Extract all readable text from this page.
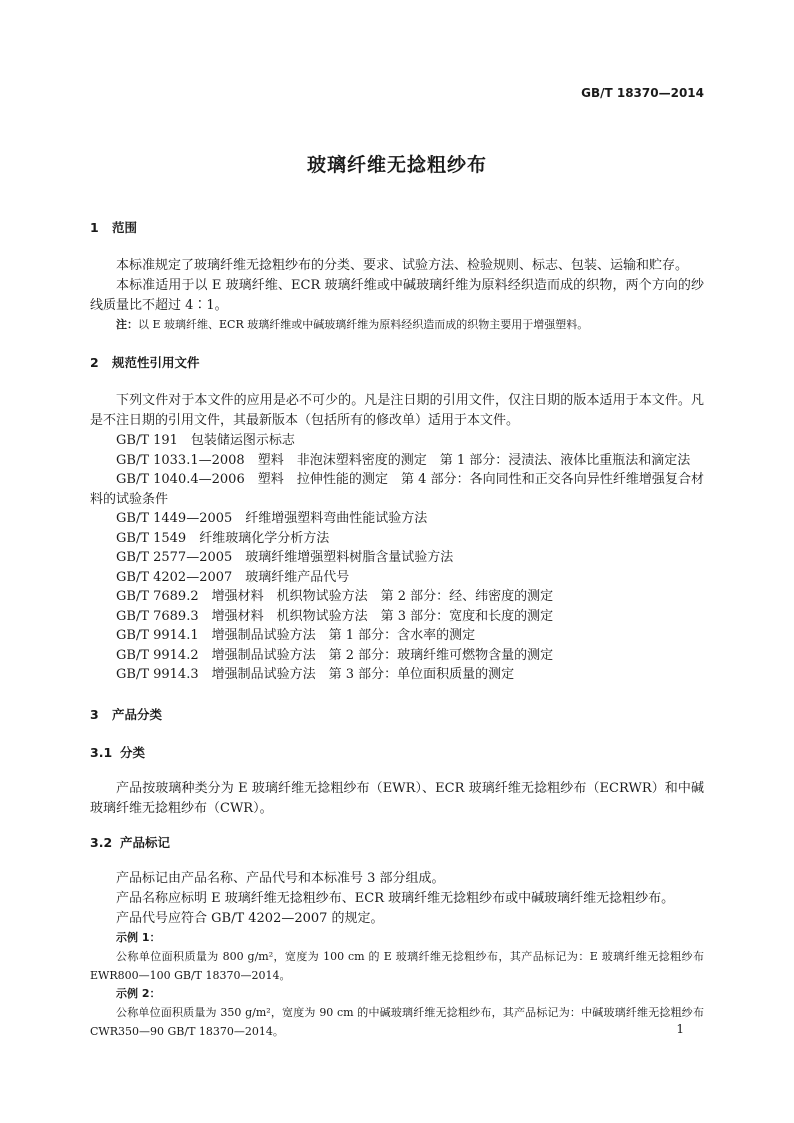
GB/T 18370—2014
玻璃纤维无捻粗纱布
1 范围

本标准规定了玻璃纤维无捻粗纱布的分类、要求、试验方法、检验规则、标志、包装、运输和贮存。

本标准适用于以 E 玻璃纤维、ECR 玻璃纤维或中碱玻璃纤维为原料经织造而成的织物，两个方向的纱线质量比不超过 4∶1。

注：以 E 玻璃纤维、ECR 玻璃纤维或中碱玻璃纤维为原料经织造而成的织物主要用于增强塑料。

2 规范性引用文件

下列文件对于本文件的应用是必不可少的。凡是注日期的引用文件，仅注日期的版本适用于本文件。凡是不注日期的引用文件，其最新版本（包括所有的修改单）适用于本文件。

GB/T 191　包装储运图示标志

GB/T 1033.1—2008　塑料　非泡沫塑料密度的测定　第 1 部分：浸渍法、液体比重瓶法和滴定法

GB/T 1040.4—2006　塑料　拉伸性能的测定　第 4 部分：各向同性和正交各向异性纤维增强复合材料的试验条件

GB/T 1449—2005　纤维增强塑料弯曲性能试验方法

GB/T 1549　纤维玻璃化学分析方法

GB/T 2577—2005　玻璃纤维增强塑料树脂含量试验方法

GB/T 4202—2007　玻璃纤维产品代号

GB/T 7689.2　增强材料　机织物试验方法　第 2 部分：经、纬密度的测定

GB/T 7689.3　增强材料　机织物试验方法　第 3 部分：宽度和长度的测定

GB/T 9914.1　增强制品试验方法　第 1 部分：含水率的测定

GB/T 9914.2　增强制品试验方法　第 2 部分：玻璃纤维可燃物含量的测定

GB/T 9914.3　增强制品试验方法　第 3 部分：单位面积质量的测定

3 产品分类
3.1 分类

产品按玻璃种类分为 E 玻璃纤维无捻粗纱布（EWR）、ECR 玻璃纤维无捻粗纱布（ECRWR）和中碱玻璃纤维无捻粗纱布（CWR）。

3.2 产品标记

产品标记由产品名称、产品代号和本标准号 3 部分组成。

产品名称应标明 E 玻璃纤维无捻粗纱布、ECR 玻璃纤维无捻粗纱布或中碱玻璃纤维无捻粗纱布。

产品代号应符合 GB/T 4202—2007 的规定。

示例 1：

公称单位面积质量为 800 g/m²，宽度为 100 cm 的 E 玻璃纤维无捻粗纱布，其产品标记为：E 玻璃纤维无捻粗纱布 EWR800—100 GB/T 18370—2014。

示例 2：

公称单位面积质量为 350 g/m²，宽度为 90 cm 的中碱玻璃纤维无捻粗纱布，其产品标记为：中碱玻璃纤维无捻粗纱布 CWR350—90 GB/T 18370—2014。	1
